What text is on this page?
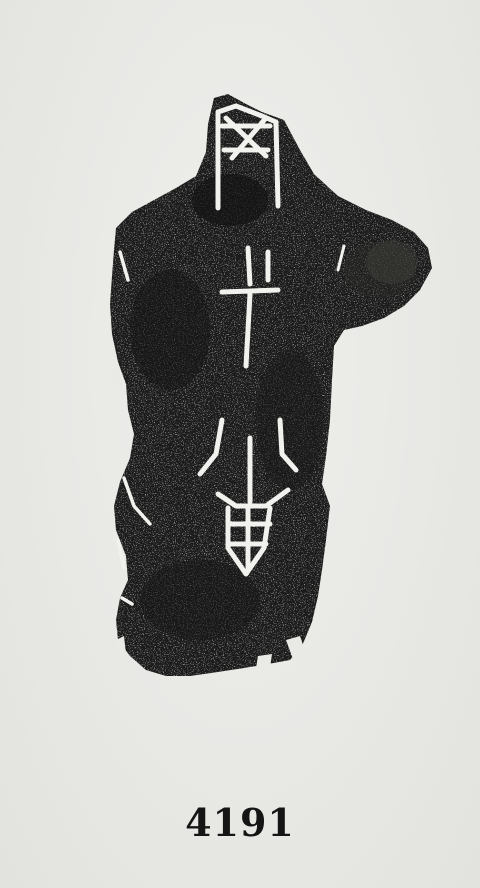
4191
